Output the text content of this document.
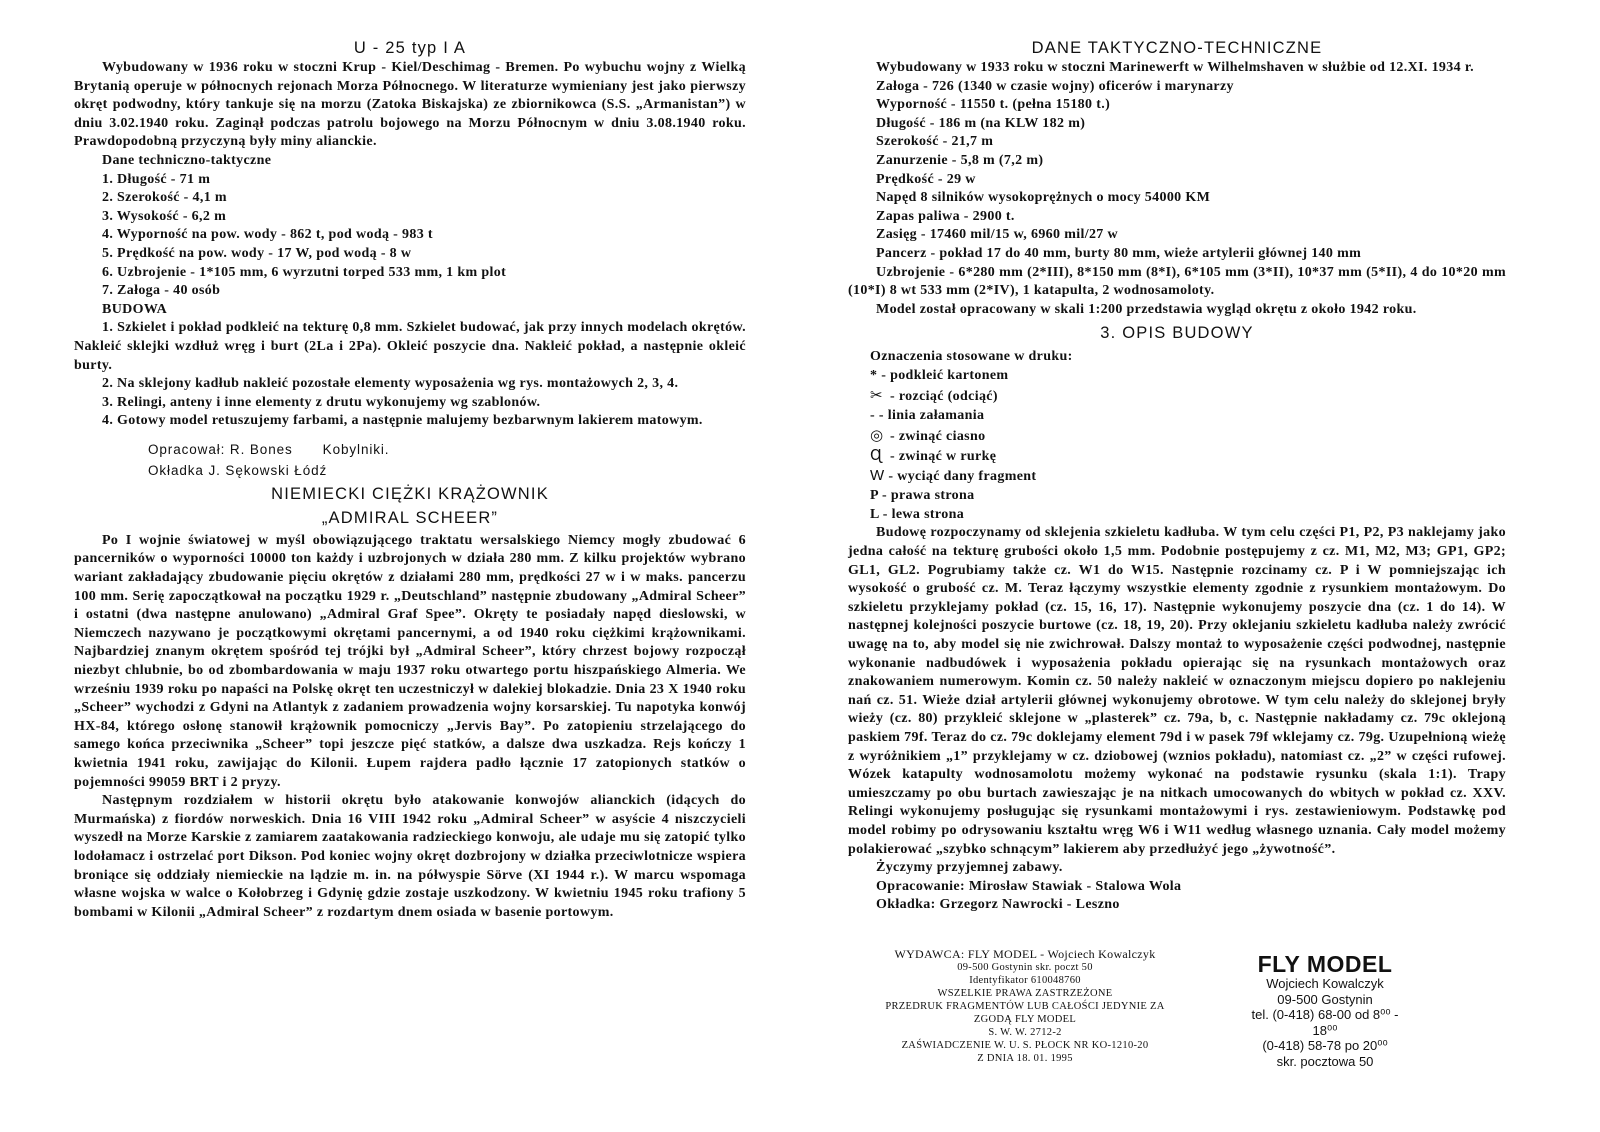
U - 25 typ I A

Wybudowany w 1936 roku w stoczni Krup - Kiel/Deschimag - Bremen. Po wybuchu wojny z Wielką Brytanią operuje w północnych rejonach Morza Północnego. W literaturze wymieniany jest jako pierwszy okręt podwodny, który tankuje się na morzu (Zatoka Biskajska) ze zbiornikowca (S.S. „Armanistan”) w dniu 3.02.1940 roku. Zaginął podczas patrolu bojowego na Morzu Północnym w dniu 3.08.1940 roku. Prawdopodobną przyczyną były miny alianckie.

Dane techniczno-taktyczne
1. Długość - 71 m
2. Szerokość - 4,1 m
3. Wysokość - 6,2 m
4. Wyporność na pow. wody - 862 t, pod wodą - 983 t
5. Prędkość na pow. wody - 17 W, pod wodą - 8 w
6. Uzbrojenie - 1*105 mm, 6 wyrzutni torped 533 mm, 1 km plot
7. Załoga - 40 osób
BUDOWA

1. Szkielet i pokład podkleić na tekturę 0,8 mm. Szkielet budować, jak przy innych modelach okrętów. Nakleić sklejki wzdłuż wręg i burt (2La i 2Pa). Okleić poszycie dna. Nakleić pokład, a następnie okleić burty.

2. Na sklejony kadłub nakleić pozostałe elementy wyposażenia wg rys. montażowych 2, 3, 4.

3. Relingi, anteny i inne elementy z drutu wykonujemy wg szablonów.

4. Gotowy model retuszujemy farbami, a następnie malujemy bezbarwnym lakierem matowym.

Opracował: R. Bones Kobylniki.
Okładka J. Sękowski Łódź
NIEMIECKI CIĘŻKI KRĄŻOWNIK
„ADMIRAL SCHEER”

Po I wojnie światowej w myśl obowiązującego traktatu wersalskiego Niemcy mogły zbudować 6 pancerników o wyporności 10000 ton każdy i uzbrojonych w działa 280 mm. Z kilku projektów wybrano wariant zakładający zbudowanie pięciu okrętów z działami 280 mm, prędkości 27 w i w maks. pancerzu 100 mm. Serię zapoczątkował na początku 1929 r. „Deutschland” następnie zbudowany „Admiral Scheer” i ostatni (dwa następne anulowano) „Admiral Graf Spee”. Okręty te posiadały napęd dieslowski, w Niemczech nazywano je początkowymi okrętami pancernymi, a od 1940 roku ciężkimi krążownikami. Najbardziej znanym okrętem spośród tej trójki był „Admiral Scheer”, który chrzest bojowy rozpoczął niezbyt chlubnie, bo od zbombardowania w maju 1937 roku otwartego portu hiszpańskiego Almeria. We wrześniu 1939 roku po napaści na Polskę okręt ten uczestniczył w dalekiej blokadzie. Dnia 23 X 1940 roku „Scheer” wychodzi z Gdyni na Atlantyk z zadaniem prowadzenia wojny korsarskiej. Tu napotyka konwój HX-84, którego osłonę stanowił krążownik pomocniczy „Jervis Bay”. Po zatopieniu strzelającego do samego końca przeciwnika „Scheer” topi jeszcze pięć statków, a dalsze dwa uszkadza. Rejs kończy 1 kwietnia 1941 roku, zawijając do Kilonii. Łupem rajdera padło łącznie 17 zatopionych statków o pojemności 99059 BRT i 2 pryzy.

Następnym rozdziałem w historii okrętu było atakowanie konwojów alianckich (idących do Murmańska) z fiordów norweskich. Dnia 16 VIII 1942 roku „Admiral Scheer” w asyście 4 niszczycieli wyszedł na Morze Karskie z zamiarem zaatakowania radzieckiego konwoju, ale udaje mu się zatopić tylko lodołamacz i ostrzelać port Dikson. Pod koniec wojny okręt dozbrojony w działka przeciwlotnicze wspiera broniące się oddziały niemieckie na lądzie m. in. na półwyspie Sörve (XI 1944 r.). W marcu wspomaga własne wojska w walce o Kołobrzeg i Gdynię gdzie zostaje uszkodzony. W kwietniu 1945 roku trafiony 5 bombami w Kilonii „Admiral Scheer” z rozdartym dnem osiada w basenie portowym.

DANE TAKTYCZNO-TECHNICZNE

Wybudowany w 1933 roku w stoczni Marinewerft w Wilhelmshaven w służbie od 12.XI. 1934 r.

Załoga - 726 (1340 w czasie wojny) oficerów i marynarzy
Wyporność - 11550 t. (pełna 15180 t.)
Długość - 186 m (na KLW 182 m)
Szerokość - 21,7 m
Zanurzenie - 5,8 m (7,2 m)
Prędkość - 29 w
Napęd 8 silników wysokoprężnych o mocy 54000 KM
Zapas paliwa - 2900 t.
Zasięg - 17460 mil/15 w, 6960 mil/27 w
Pancerz - pokład 17 do 40 mm, burty 80 mm, wieże artylerii głównej 140 mm

Uzbrojenie - 6*280 mm (2*III), 8*150 mm (8*I), 6*105 mm (3*II), 10*37 mm (5*II), 4 do 10*20 mm (10*I) 8 wt 533 mm (2*IV), 1 katapulta, 2 wodnosamoloty.

Model został opracowany w skali 1:200 przedstawia wygląd okrętu z około 1942 roku.

3. OPIS BUDOWY
Oznaczenia stosowane w druku:
* - podkleić kartonem
✂ - rozciąć (odciąć)
- - linia załamania
◎ - zwinąć ciasno
Ɋ - zwinąć w rurkę
W - wyciąć dany fragment
P - prawa strona
L - lewa strona

Budowę rozpoczynamy od sklejenia szkieletu kadłuba. W tym celu części P1, P2, P3 naklejamy jako jedna całość na tekturę grubości około 1,5 mm. Podobnie postępujemy z cz. M1, M2, M3; GP1, GP2; GL1, GL2. Pogrubiamy także cz. W1 do W15. Następnie rozcinamy cz. P i W pomniejszając ich wysokość o grubość cz. M. Teraz łączymy wszystkie elementy zgodnie z rysunkiem montażowym. Do szkieletu przyklejamy pokład (cz. 15, 16, 17). Następnie wykonujemy poszycie dna (cz. 1 do 14). W następnej kolejności poszycie burtowe (cz. 18, 19, 20). Przy oklejaniu szkieletu kadłuba należy zwrócić uwagę na to, aby model się nie zwichrował. Dalszy montaż to wyposażenie części podwodnej, następnie wykonanie nadbudówek i wyposażenia pokładu opierając się na rysunkach montażowych oraz znakowaniem numerowym. Komin cz. 50 należy nakleić w oznaczonym miejscu dopiero po naklejeniu nań cz. 51. Wieże dział artylerii głównej wykonujemy obrotowe. W tym celu należy do sklejonej bryły wieży (cz. 80) przykleić sklejone w „plasterek” cz. 79a, b, c. Następnie nakładamy cz. 79c oklejoną paskiem 79f. Teraz do cz. 79c doklejamy element 79d i w pasek 79f wklejamy cz. 79g. Uzupełnioną wieżę z wyróżnikiem „1” przyklejamy w cz. dziobowej (wznios pokładu), natomiast cz. „2” w części rufowej. Wózek katapulty wodnosamolotu możemy wykonać na podstawie rysunku (skala 1:1). Trapy umieszczamy po obu burtach zawieszając je na nitkach umocowanych do wbitych w pokład cz. XXV. Relingi wykonujemy posługując się rysunkami montażowymi i rys. zestawieniowym. Podstawkę pod model robimy po odrysowaniu kształtu wręg W6 i W11 według własnego uznania. Cały model możemy polakierować „szybko schnącym” lakierem aby przedłużyć jego „żywotność”.

Życzymy przyjemnej zabawy.

Opracowanie: Mirosław Stawiak - Stalowa Wola

Okładka: Grzegorz Nawrocki - Leszno

WYDAWCA: FLY MODEL - Wojciech Kowalczyk
09-500 Gostynin skr. poczt 50
Identyfikator 610048760
WSZELKIE PRAWA ZASTRZEŻONE
PRZEDRUK FRAGMENTÓW LUB CAŁOŚCI JEDYNIE ZA
ZGODĄ FLY MODEL
S. W. W. 2712-2
ZAŚWIADCZENIE W. U. S. PŁOCK NR KO-1210-20
Z DNIA 18. 01. 1995
FLY MODEL
Wojciech Kowalczyk
09-500 Gostynin
tel. (0-418) 68-00 od 8⁰⁰ - 18⁰⁰
(0-418) 58-78 po 20⁰⁰
skr. pocztowa 50
